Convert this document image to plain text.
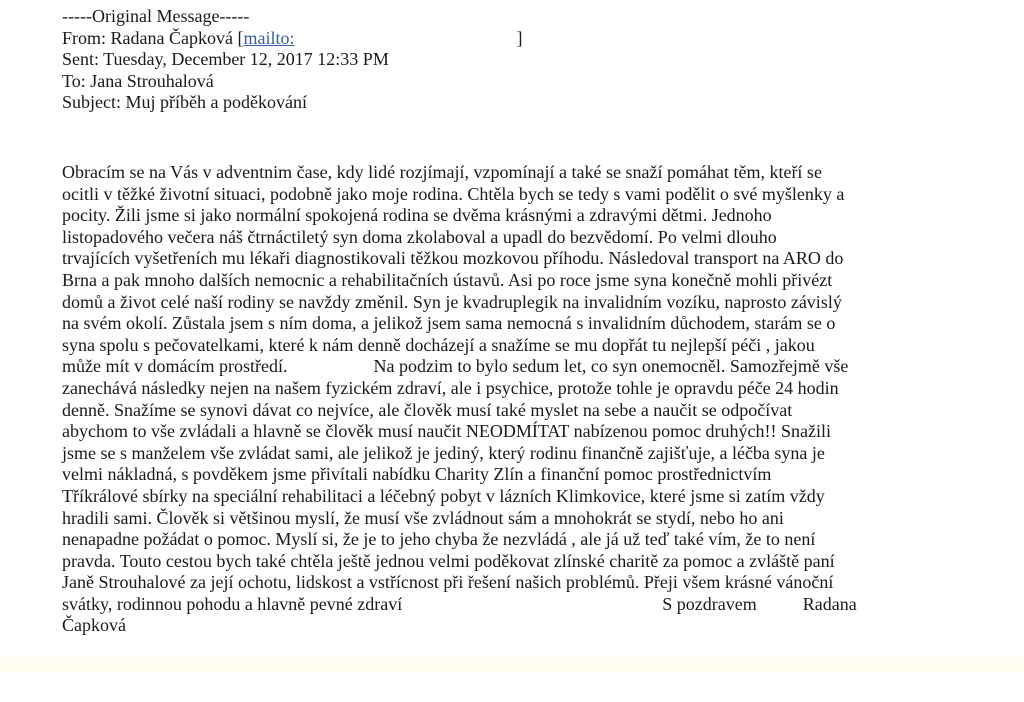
-----Original Message-----
From: Radana Čapková [mailto:	]
Sent: Tuesday, December 12, 2017 12:33 PM
To: Jana Strouhalová
Subject: Muj příběh a poděkování
Obracím se na Vás v adventnim čase, kdy lidé rozjímají, vzpomínají a také se snaží pomáhat těm, kteří se
ocitli v těžké životní situaci, podobně jako moje rodina. Chtěla bych se tedy s vami podělit o své myšlenky a
pocity. Žili jsme si jako normální spokojená rodina se dvěma krásnými a zdravými dětmi. Jednoho
listopadového večera náš čtrnáctiletý syn doma zkolaboval a upadl do bezvědomí. Po velmi dlouho
trvajících vyšetřeních mu lékaři diagnostikovali těžkou mozkovou příhodu. Následoval transport na ARO do
Brna a pak mnoho dalších nemocnic a rehabilitačních ústavů. Asi po roce jsme syna konečně mohli přivézt
domů a život celé naší rodiny se navždy změnil. Syn je kvadruplegik na invalidním vozíku, naprosto závislý
na svém okolí. Zůstala jsem s ním doma, a jelikož jsem sama nemocná s invalidním důchodem, starám se o
syna spolu s pečovatelkami, které k nám denně docházejí a snažíme se mu dopřát tu nejlepší péči , jakou
může mít v domácím prostředí.	Na podzim to bylo sedum let, co syn onemocněl. Samozřejmě vše
zanechává následky nejen na našem fyzickém zdraví, ale i psychice, protože tohle je opravdu péče 24 hodin
denně. Snažíme se synovi dávat co nejvíce, ale člověk musí také myslet na sebe a naučit se odpočívat
abychom to vše zvládali a hlavně se člověk musí naučit NEODMÍTAT nabízenou pomoc druhých!! Snažili
jsme se s manželem vše zvládat sami, ale jelikož je jediný, který rodinu finančně zajišťuje, a léčba syna je
velmi nákladná, s povděkem jsme přivítali nabídku Charity Zlín a finanční pomoc prostřednictvím
Tříkrálové sbírky na speciální rehabilitaci a léčebný pobyt v lázních Klimkovice, které jsme si zatím vždy
hradili sami. Člověk si většinou myslí, že musí vše zvládnout sám a mnohokrát se stydí, nebo ho ani
nenapadne požádat o pomoc. Myslí si, že je to jeho chyba že nezvládá , ale já už teď také vím, že to není
pravda. Touto cestou bych také chtěla ještě jednou velmi poděkovat zlínské charitě za pomoc a zvláště paní
Janě Strouhalové za její ochotu, lidskost a vstřícnost při řešení našich problémů. Přeji všem krásné vánoční
svátky, rodinnou pohodu a hlavně pevné zdraví	S pozdravem	Radana
Čapková
